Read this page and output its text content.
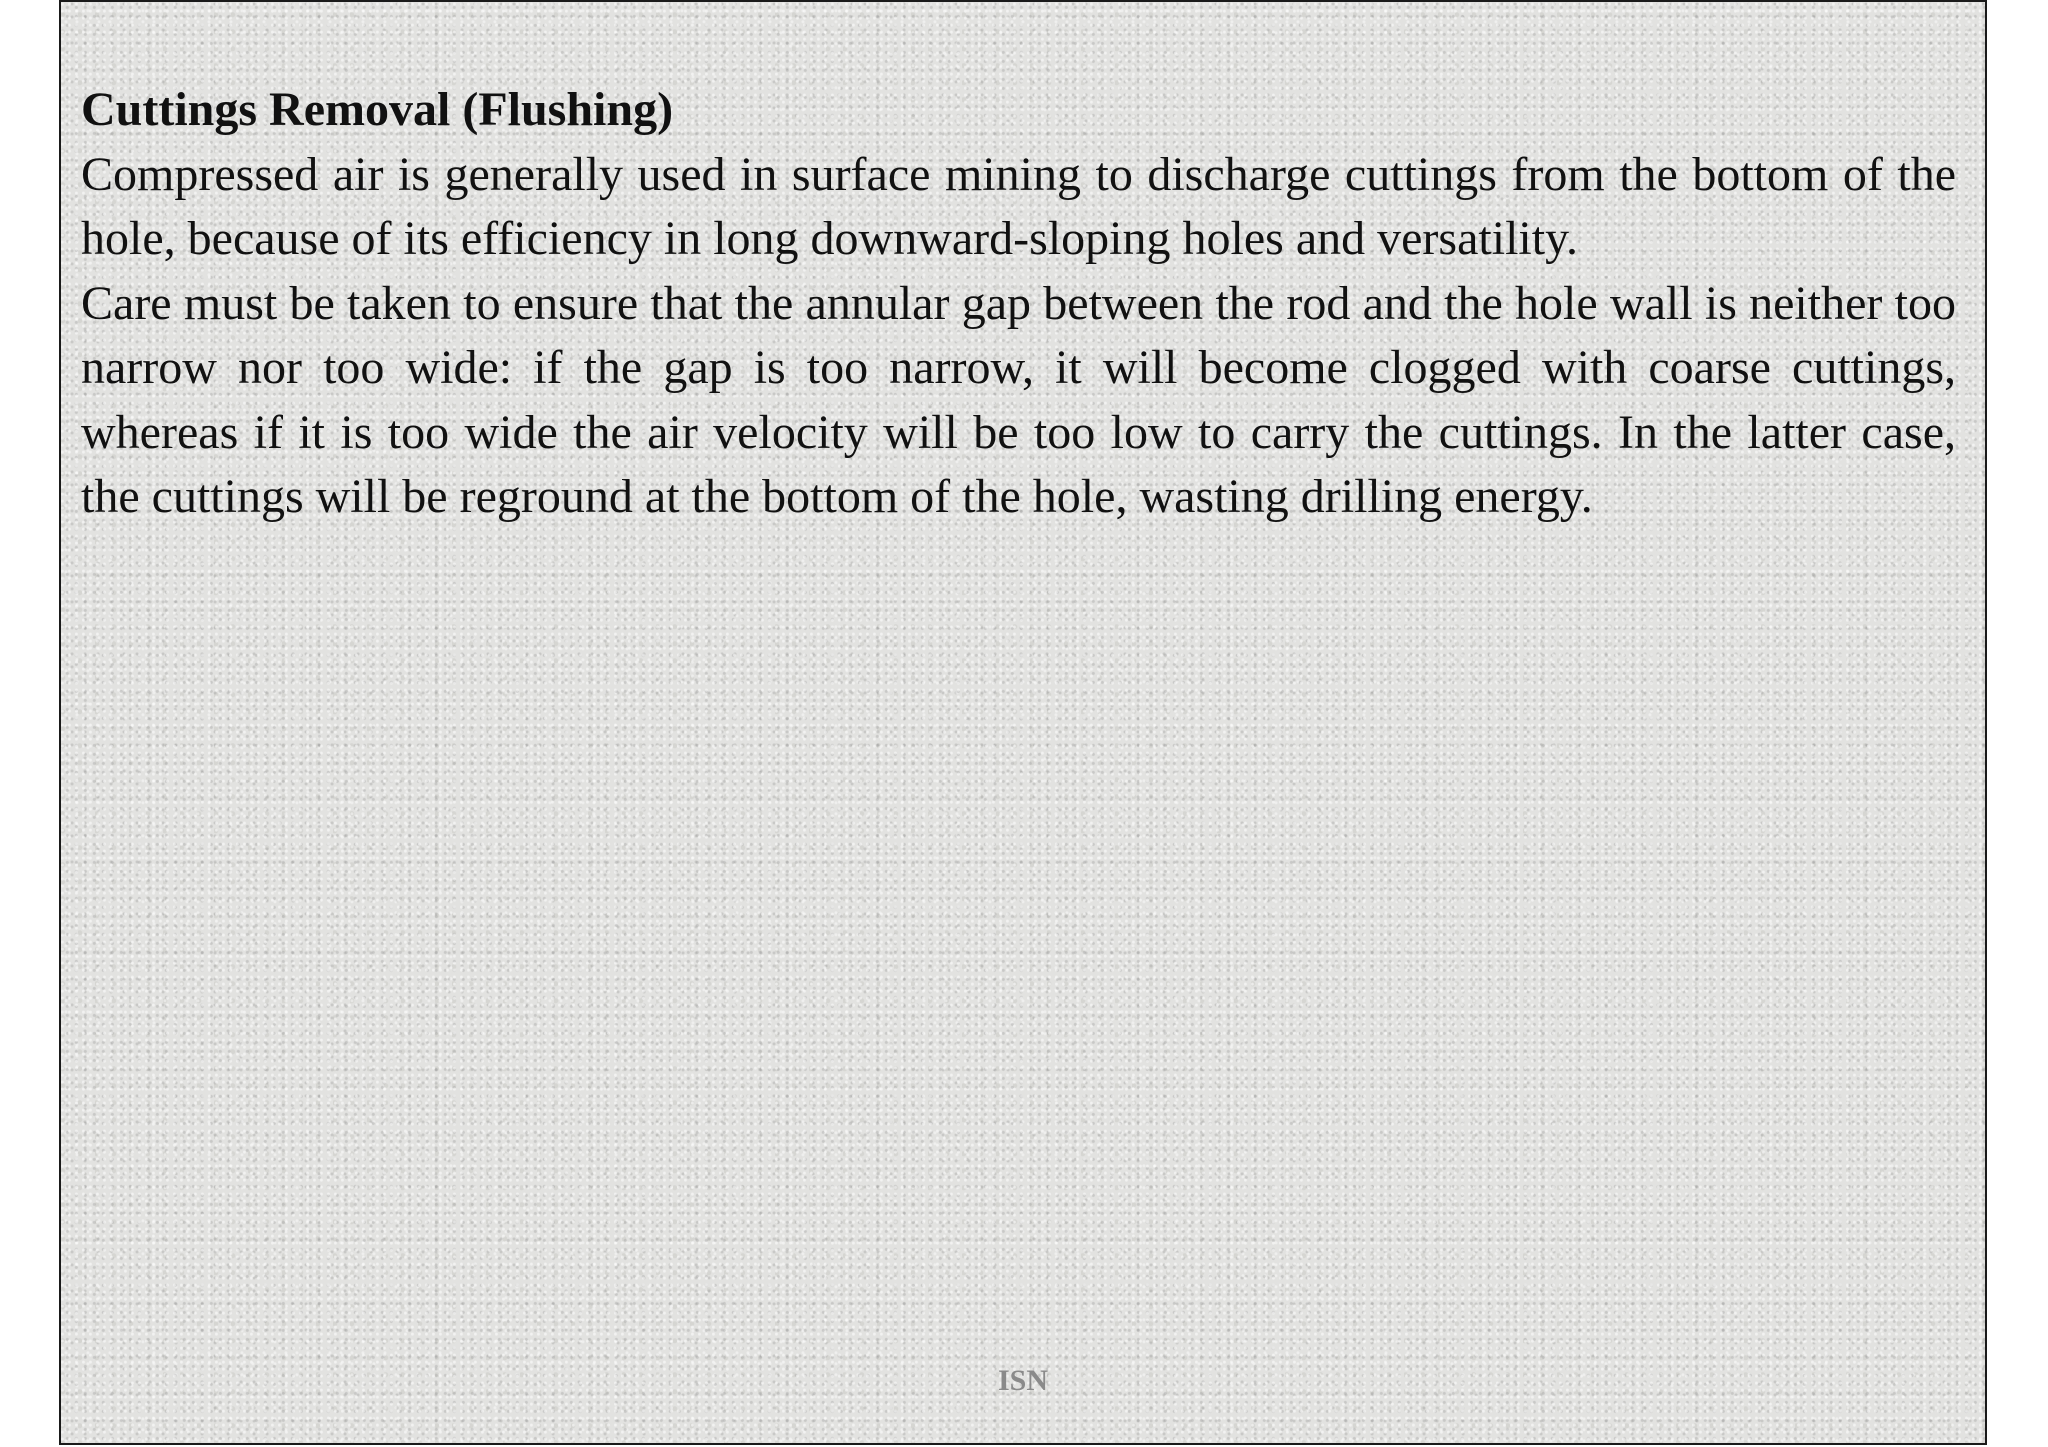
Cuttings Removal (Flushing)

Compressed air is generally used in surface mining to discharge cuttings from the bottom of the hole, because of its efficiency in long downward-sloping holes and versatility.

Care must be taken to ensure that the annular gap between the rod and the hole wall is neither too narrow nor too wide: if the gap is too narrow, it will become clogged with coarse cuttings, whereas if it is too wide the air velocity will be too low to carry the cuttings. In the latter case, the cuttings will be reground at the bottom of the hole, wasting drilling energy.

ISN
